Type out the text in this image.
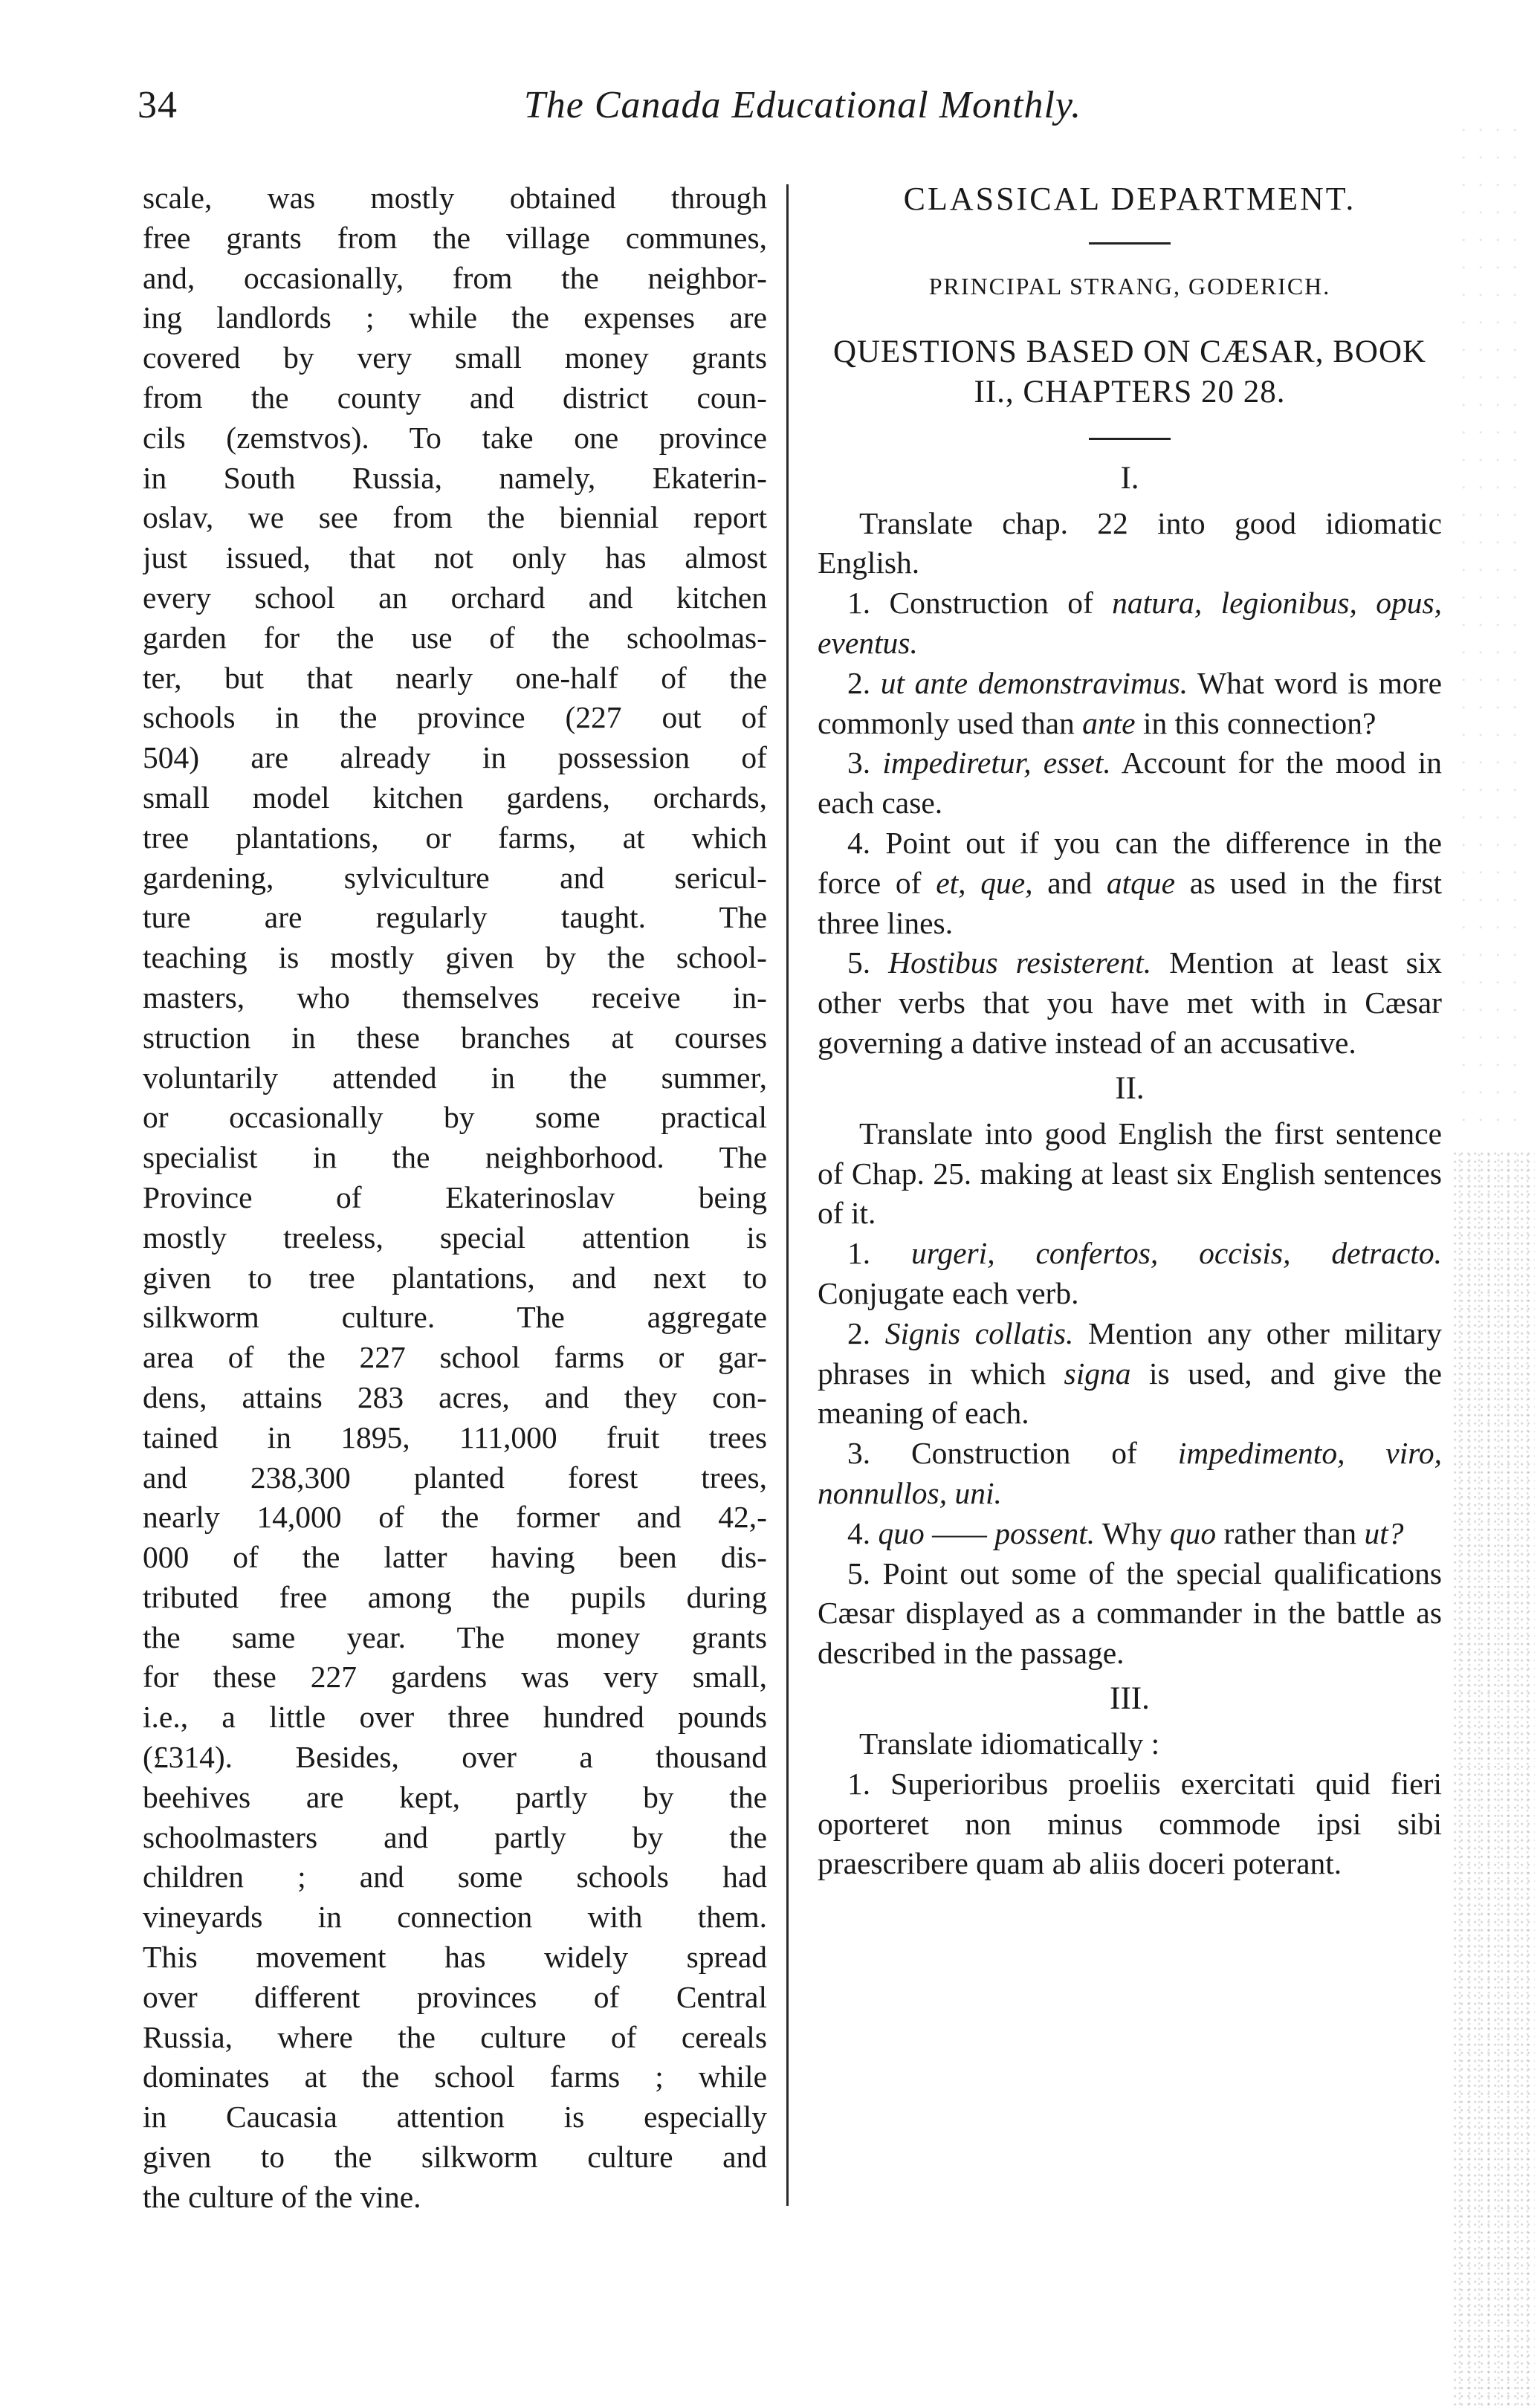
34	The Canada Educational Monthly.
scale, was mostly obtained through
free grants from the village communes,
and, occasionally, from the neighbor-
ing landlords ; while the expenses are
covered by very small money grants
from the county and district coun-
cils (zemstvos). To take one province
in South Russia, namely, Ekaterin-
oslav, we see from the biennial report
just issued, that not only has almost
every school an orchard and kitchen
garden for the use of the schoolmas-
ter, but that nearly one-half of the
schools in the province (227 out of
504) are already in possession of
small model kitchen gardens, orchards,
tree plantations, or farms, at which
gardening, sylviculture and sericul-
ture are regularly taught. The
teaching is mostly given by the school-
masters, who themselves receive in-
struction in these branches at courses
voluntarily attended in the summer,
or occasionally by some practical
specialist in the neighborhood. The
Province of Ekaterinoslav being
mostly treeless, special attention is
given to tree plantations, and next to
silkworm culture. The aggregate
area of the 227 school farms or gar-
dens, attains 283 acres, and they con-
tained in 1895, 111,000 fruit trees
and 238,300 planted forest trees,
nearly 14,000 of the former and 42,-
000 of the latter having been dis-
tributed free among the pupils during
the same year. The money grants
for these 227 gardens was very small,
i.e., a little over three hundred pounds
(£314). Besides, over a thousand
beehives are kept, partly by the
schoolmasters and partly by the
children ; and some schools had
vineyards in connection with them.
This movement has widely spread
over different provinces of Central
Russia, where the culture of cereals
dominates at the school farms ; while
in Caucasia attention is especially
given to the silkworm culture and
the culture of the vine.
CLASSICAL DEPARTMENT.
PRINCIPAL STRANG, GODERICH.
QUESTIONS BASED ON CÆSAR, BOOK
II., CHAPTERS 20 28.
I.

Translate chap. 22 into good idiomatic English.

1. Construction of natura, legionibus, opus, eventus.

2. ut ante demonstravimus. What word is more commonly used than ante in this connection?

3. impediretur, esset. Account for the mood in each case.

4. Point out if you can the difference in the force of et, que, and atque as used in the first three lines.

5. Hostibus resisterent. Mention at least six other verbs that you have met with in Cæsar governing a dative instead of an accusative.

II.

Translate into good English the first sentence of Chap. 25. making at least six English sentences of it.

1. urgeri, confertos, occisis, detracto. Conjugate each verb.

2. Signis collatis. Mention any other military phrases in which signa is used, and give the meaning of each.

3. Construction of impedimento, viro, nonnullos, uni.

4. quo —— possent. Why quo rather than ut?

5. Point out some of the special qualifications Cæsar displayed as a commander in the battle as described in the passage.

III.

Translate idiomatically :

1. Superioribus proeliis exercitati quid fieri oporteret non minus commode ipsi sibi praescribere quam ab aliis doceri poterant.
